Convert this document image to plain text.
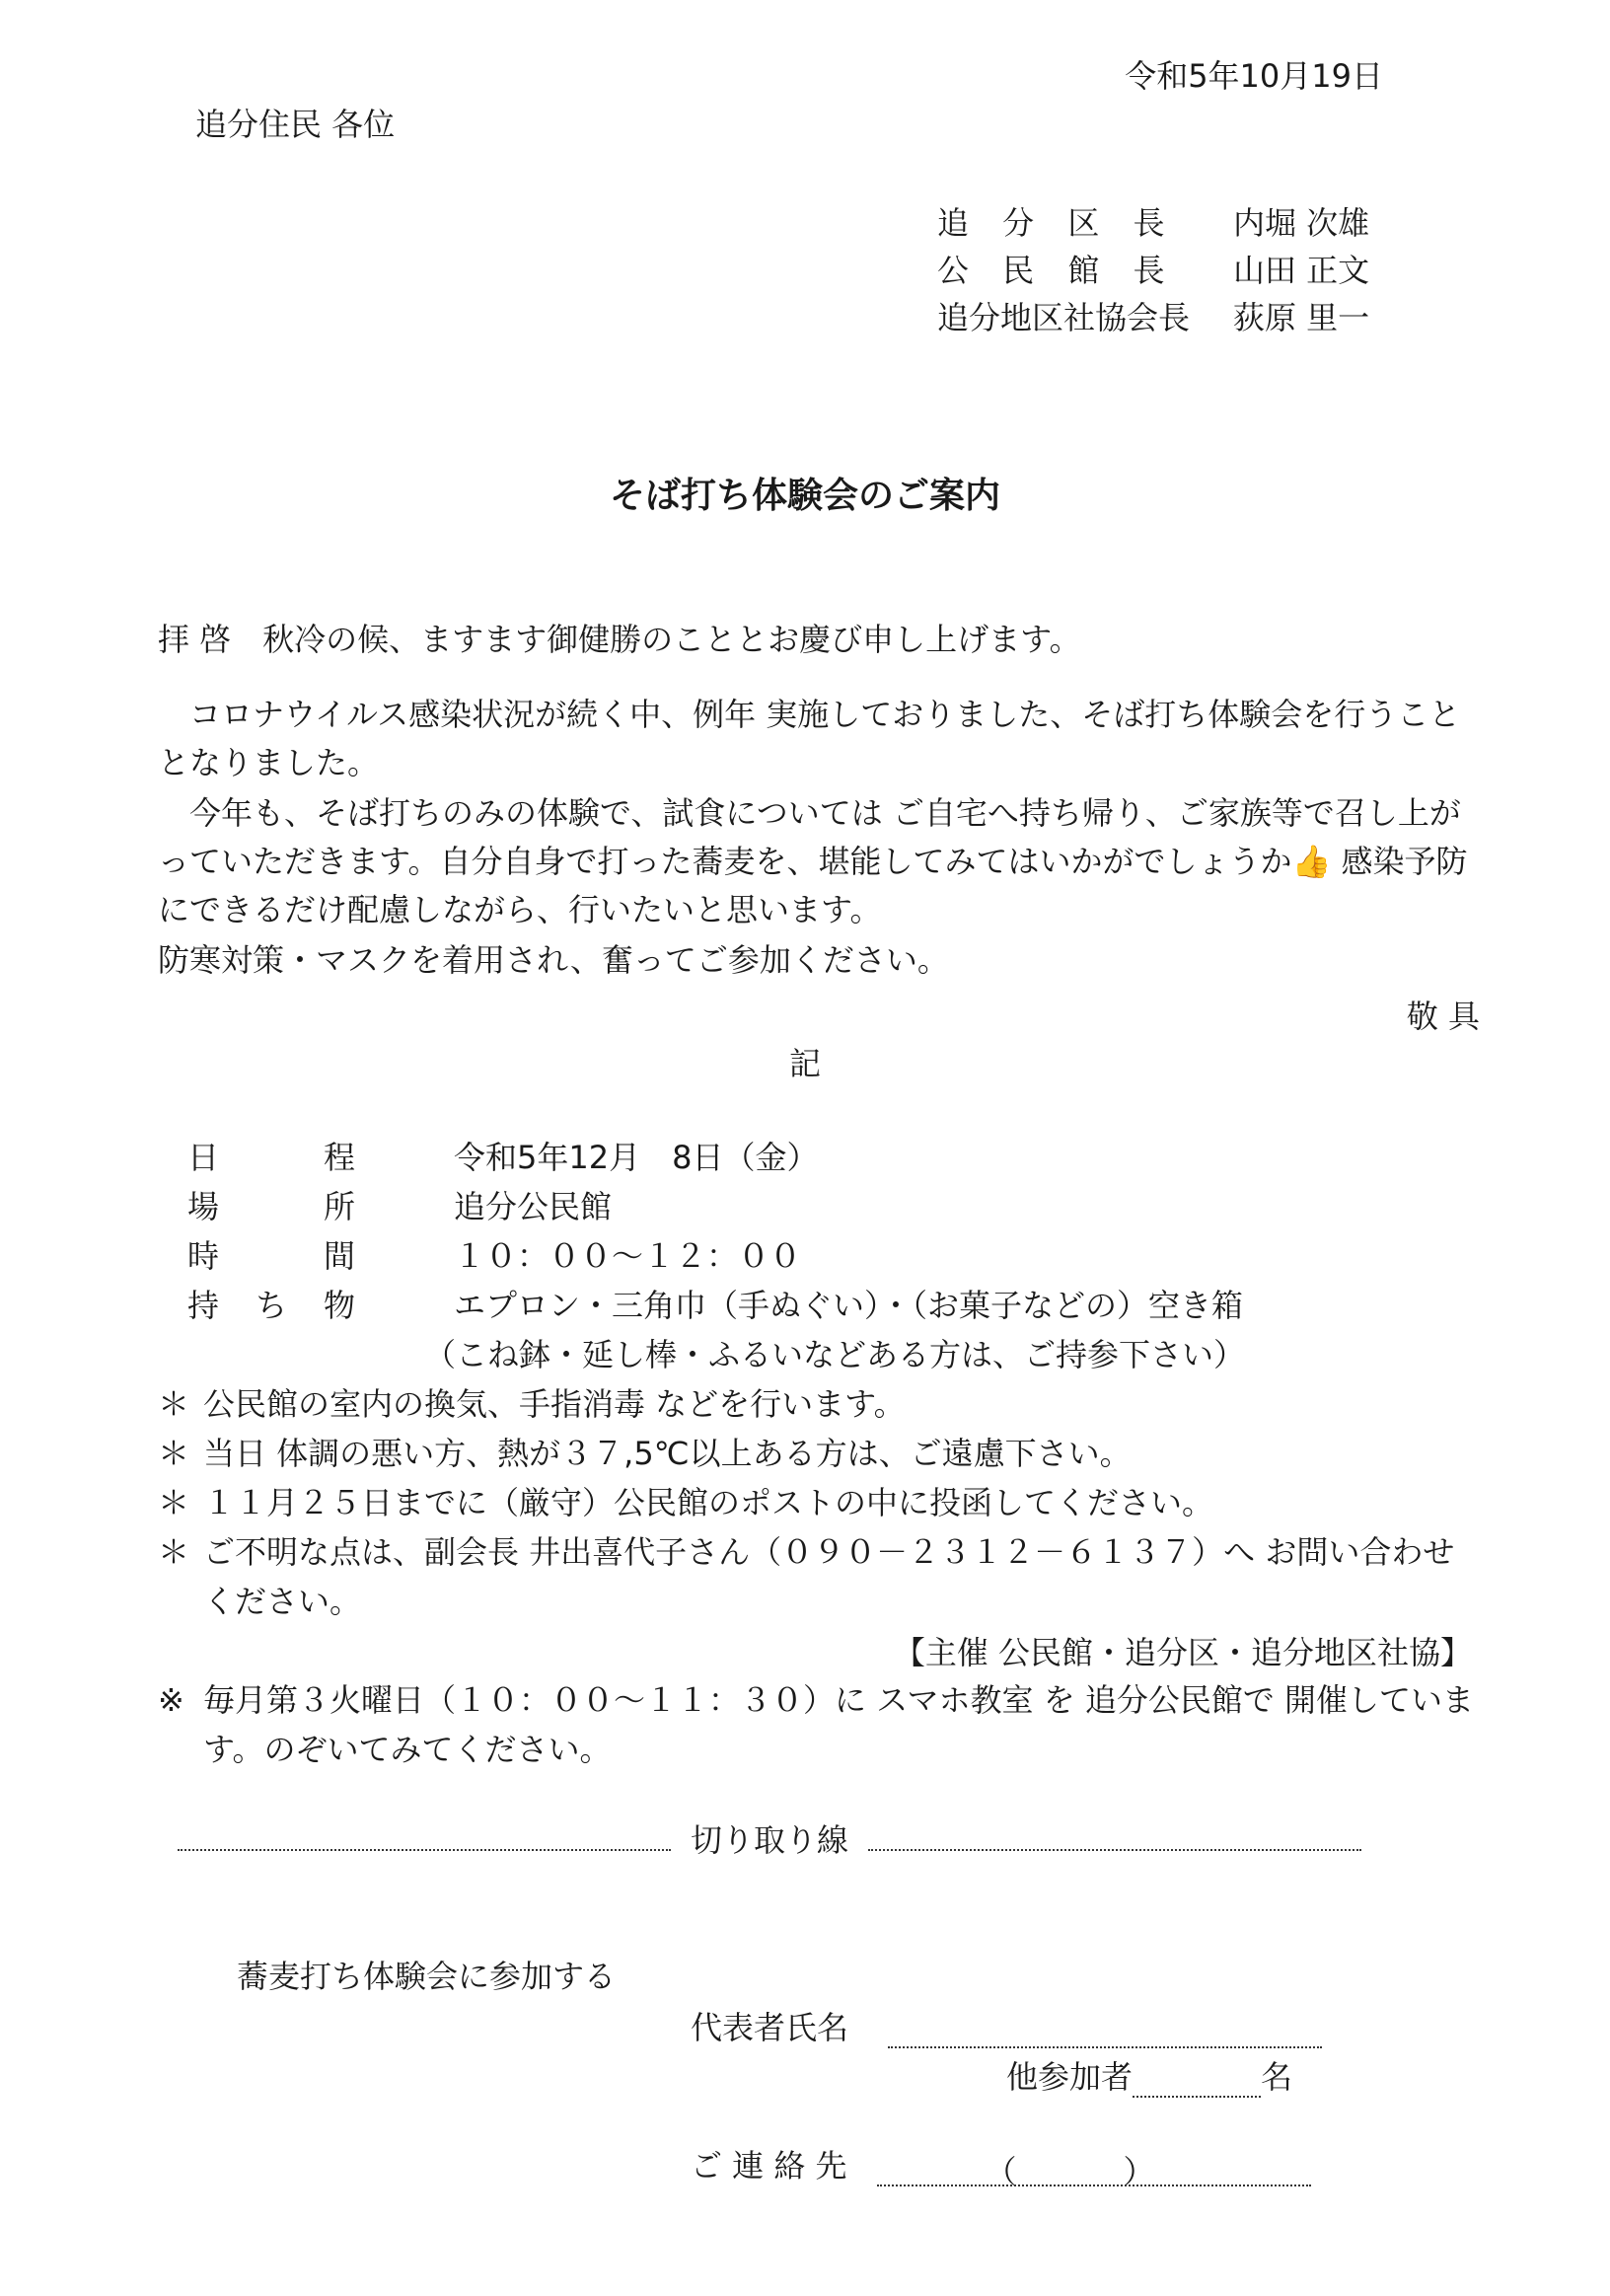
令和5年10月19日
追分住民 各位
追 分 区 長	内堀 次雄
公 民 館 長	山田 正文
追分地区社協会長	荻原 里一
そば打ち体験会のご案内
拝 啓　秋冷の候、ますます御健勝のこととお慶び申し上げます。
　コロナウイルス感染状況が続く中、例年 実施しておりました、そば打ち体験会を行うこととなりました。
　今年も、そば打ちのみの体験で、試食については ご自宅へ持ち帰り、ご家族等で召し上がっていただきます。自分自身で打った蕎麦を、堪能してみてはいかがでしょうか👍 感染予防にできるだけ配慮しながら、行いたいと思います。
防寒対策・マスクを着用され、奮ってご参加ください。
敬 具
記
日	程	令和5年12月　8日（金）
場	所	追分公民館
時	間	１０：００〜１２：００
持 ち 物	エプロン・三角巾（手ぬぐい）・（お菓子などの）空き箱
（こね鉢・延し棒・ふるいなどある方は、ご持参下さい）
＊ 公民館の室内の換気、手指消毒 などを行います。
＊ 当日 体調の悪い方、熱が３７,5℃以上ある方は、ご遠慮下さい。
＊ １１月２５日までに（厳守）公民館のポストの中に投函してください。
＊ ご不明な点は、副会長 井出喜代子さん（０９０－２３１２－６１３７）へ お問い合わせください。
【主催 公民館・追分区・追分地区社協】
※ 毎月第３火曜日（１０：００〜１１：３０）に スマホ教室 を 追分公民館で 開催しています。のぞいてみてください。
切り取り線
蕎麦打ち体験会に参加する
代表者氏名
他参加者	名
ご 連 絡 先	（	）
